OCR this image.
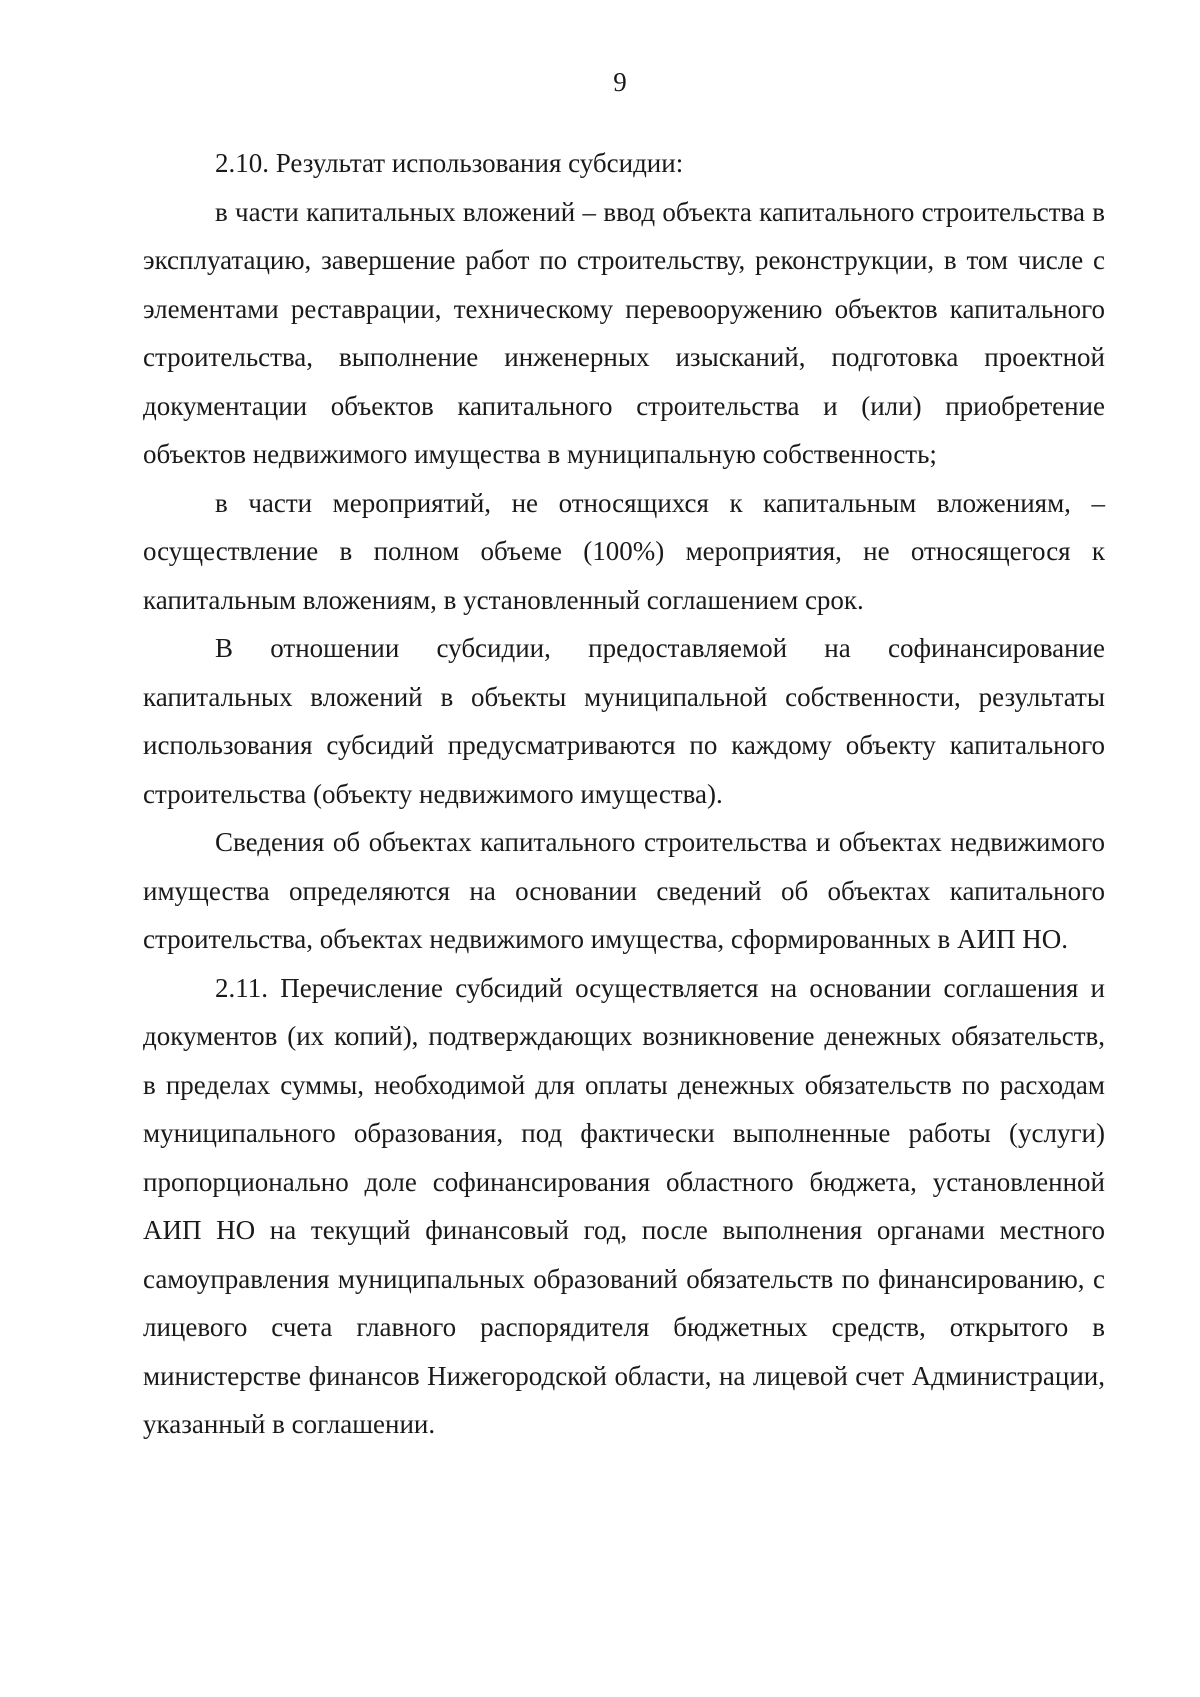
9

2.10. Результат использования субсидии:

в части капитальных вложений – ввод объекта капитального строительства в эксплуатацию, завершение работ по строительству, реконструкции, в том числе с элементами реставрации, техническому перевооружению объектов капитального строительства, выполнение инженерных изысканий, подготовка проектной документации объектов капитального строительства и (или) приобретение объектов недвижимого имущества в муниципальную собственность;

в части мероприятий, не относящихся к капитальным вложениям, – осуществление в полном объеме (100%) мероприятия, не относящегося к капитальным вложениям, в установленный соглашением срок.

В отношении субсидии, предоставляемой на софинансирование капитальных вложений в объекты муниципальной собственности, результаты использования субсидий предусматриваются по каждому объекту капитального строительства (объекту недвижимого имущества).

Сведения об объектах капитального строительства и объектах недвижимого имущества определяются на основании сведений об объектах капитального строительства, объектах недвижимого имущества, сформированных в АИП НО.

2.11. Перечисление субсидий осуществляется на основании соглашения и документов (их копий), подтверждающих возникновение денежных обязательств, в пределах суммы, необходимой для оплаты денежных обязательств по расходам муниципального образования, под фактически выполненные работы (услуги) пропорционально доле софинансирования областного бюджета, установленной АИП НО на текущий финансовый год, после выполнения органами местного самоуправления муниципальных образований обязательств по финансированию, с лицевого счета главного распорядителя бюджетных средств, открытого в министерстве финансов Нижегородской области, на лицевой счет Администрации, указанный в соглашении.
